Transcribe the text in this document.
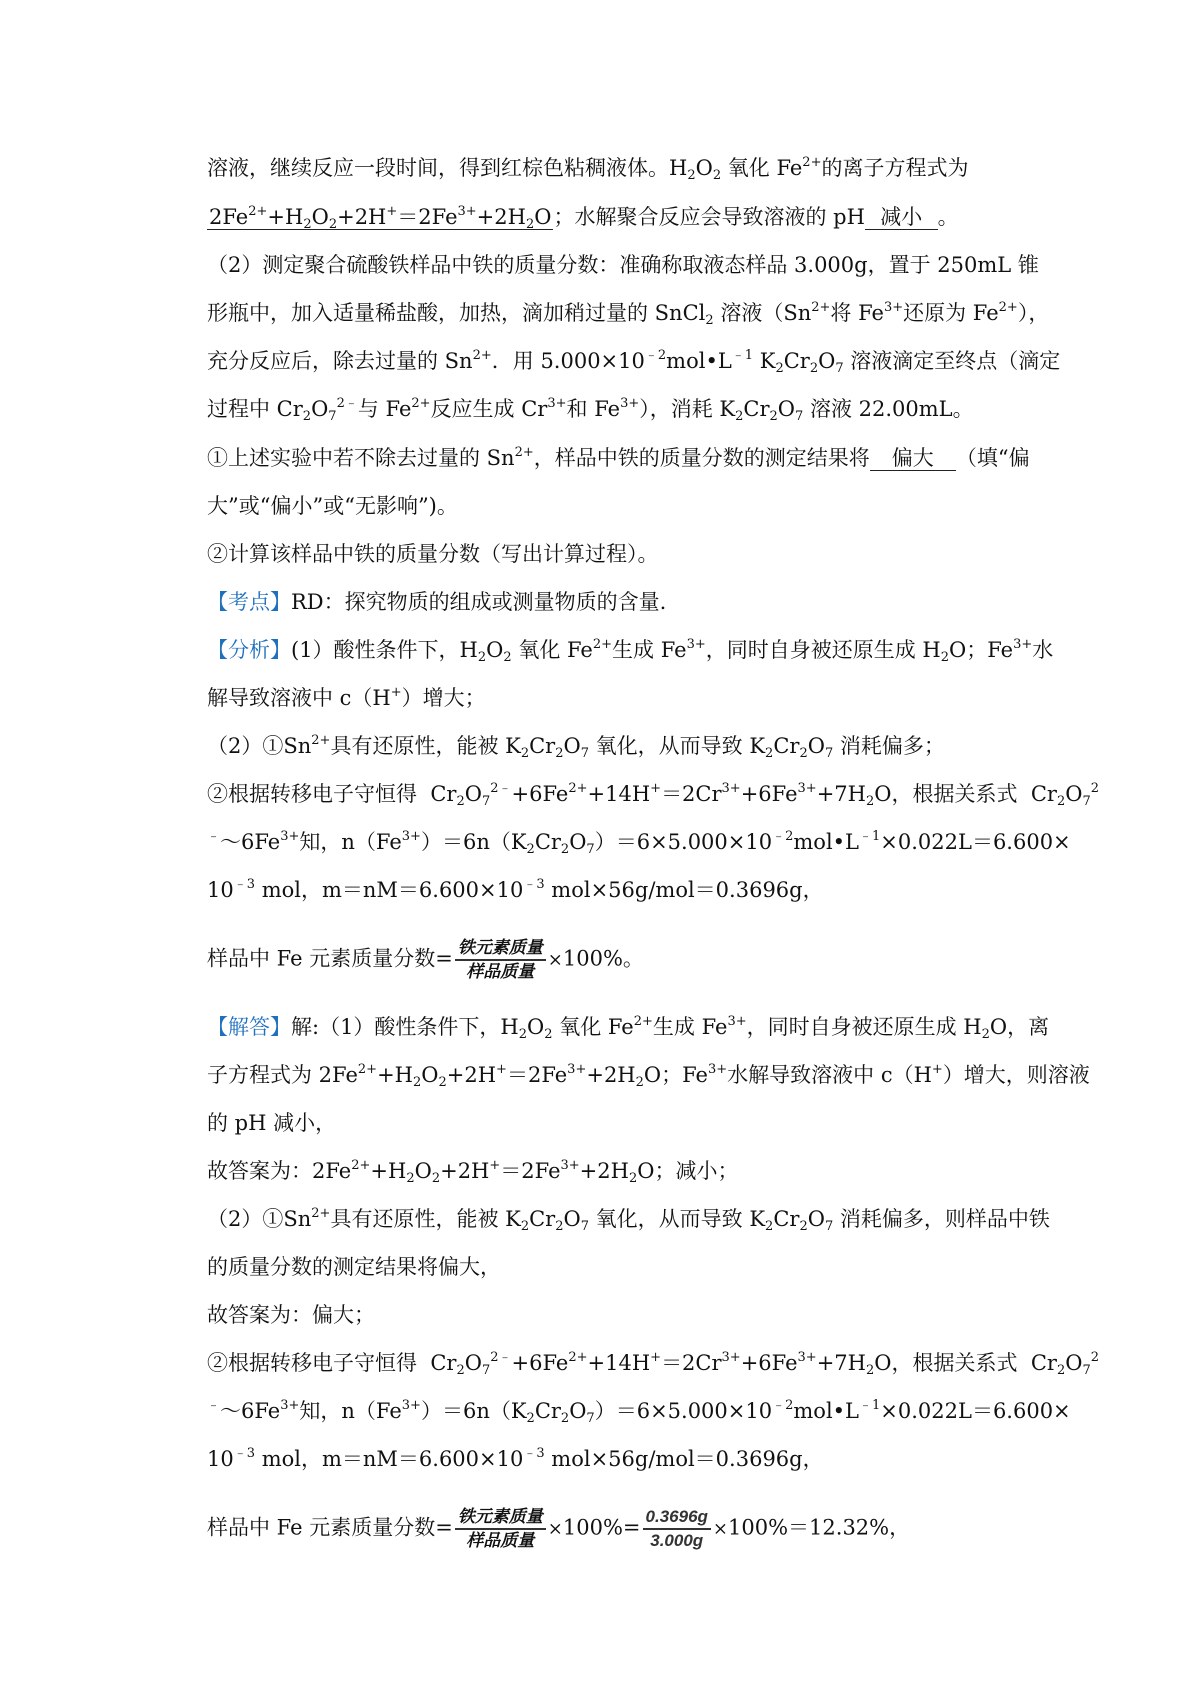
溶液，继续反应一段时间，得到红棕色粘稠液体。$H_2O_2$ 氧化 $Fe^{2+}$的离子方程式为
$2Fe^{2+}+H_2O_2+2H^+=2Fe^{3+}+2H_2O$；水解聚合反应会导致溶液的 pH  减小  。
（2）测定聚合硫酸铁样品中铁的质量分数：准确称取液态样品 3.000g，置于 250mL 锥
形瓶中，加入适量稀盐酸，加热，滴加稍过量的 SnCl$_2$ 溶液（$Sn^{2+}$将 $Fe^{3+}$还原为 $Fe^{2+}$），
充分反应后，除去过量的 $Sn^{2+}$．用 $5.000\times 10^{﹣2}mol•L^{﹣1}$ $K_2Cr_2O_7$ 溶液滴定至终点（滴定
过程中 $Cr_2O_7^{2﹣}$与 $Fe^{2+}$反应生成 $Cr^{3+}$和 $Fe^{3+}$），消耗 $K_2Cr_2O_7$ 溶液 22.00mL。
①上述实验中若不除去过量的 $Sn^{2+}$，样品中铁的质量分数的测定结果将   偏大   （填“偏
大”或“偏小”或“无影响”)。
②计算该样品中铁的质量分数（写出计算过程）。
【考点】RD：探究物质的组成或测量物质的含量.
【分析】(1）酸性条件下，$H_2O_2$ 氧化 $Fe^{2+}$生成 $Fe^{3+}$，同时自身被还原生成 $H_2O$；$Fe^{3+}$水
解导致溶液中 c（H+）增大；
$(2)①Sn^{2+}$具有还原性，能被 $K_2Cr_2O_7$ 氧化，从而导致 $K_2Cr_2O_7$ 消耗偏多；
②根据转移电子守恒得  $Cr_2O_7^{2﹣}+6Fe^{2+}+14H^+=2Cr^{3+}+6Fe^{3+}+7H_2O$，根据关系式  $Cr_2O_7^2$
$^﹣\sim 6Fe^{3+}$知，$n(Fe^{3+})=6n(K_2Cr_2O_7)=6\times 5.000\times 10^{﹣2}mol•L^{﹣1}\times 0.022L=6.600\times$
$10^{﹣3}$ mol，$m=nM=6.600\times 10^{﹣3}$ mol×56g/mol＝0.3696g，
样品中 Fe 元素质量分数= $\frac{\text{铁元素质量}}{\text{样品质量}} \times 100\%$。
【解答】解:（1）酸性条件下，$H_2O_2$ 氧化 $Fe^{2+}$生成 $Fe^{3+}$，同时自身被还原生成 $H_2O$，离
子方程式为 $2Fe^{2+}+H_2O_2+2H^+=2Fe^{3+}+2H_2O$；$Fe^{3+}$水解导致溶液中 c（H+）增大，则溶液
的 pH 减小，
故答案为：$2Fe^{2+}+H_2O_2+2H^+=2Fe^{3+}+2H_2O$；减小；
$(2)①Sn^{2+}$具有还原性，能被 $K_2Cr_2O_7$ 氧化，从而导致 $K_2Cr_2O_7$ 消耗偏多，则样品中铁
的质量分数的测定结果将偏大，
故答案为：偏大；
②根据转移电子守恒得  $Cr_2O_7^{2﹣}+6Fe^{2+}+14H^+=2Cr^{3+}+6Fe^{3+}+7H_2O$，根据关系式  $Cr_2O_7^2$
$^﹣\sim 6Fe^{3+}$知，$n(Fe^{3+})=6n(K_2Cr_2O_7)=6\times 5.000\times 10^{﹣2}mol•L^{﹣1}\times 0.022L=6.600\times$
$10^{﹣3}$ mol，$m=nM=6.600\times 10^{﹣3}$ mol×56g/mol＝0.3696g，
样品中 Fe 元素质量分数= $\frac{\text{铁元素质量}}{\text{样品质量}} \times 100\%= \frac{0.3696g}{3.000g} \times 100\%=12.32\%$，
